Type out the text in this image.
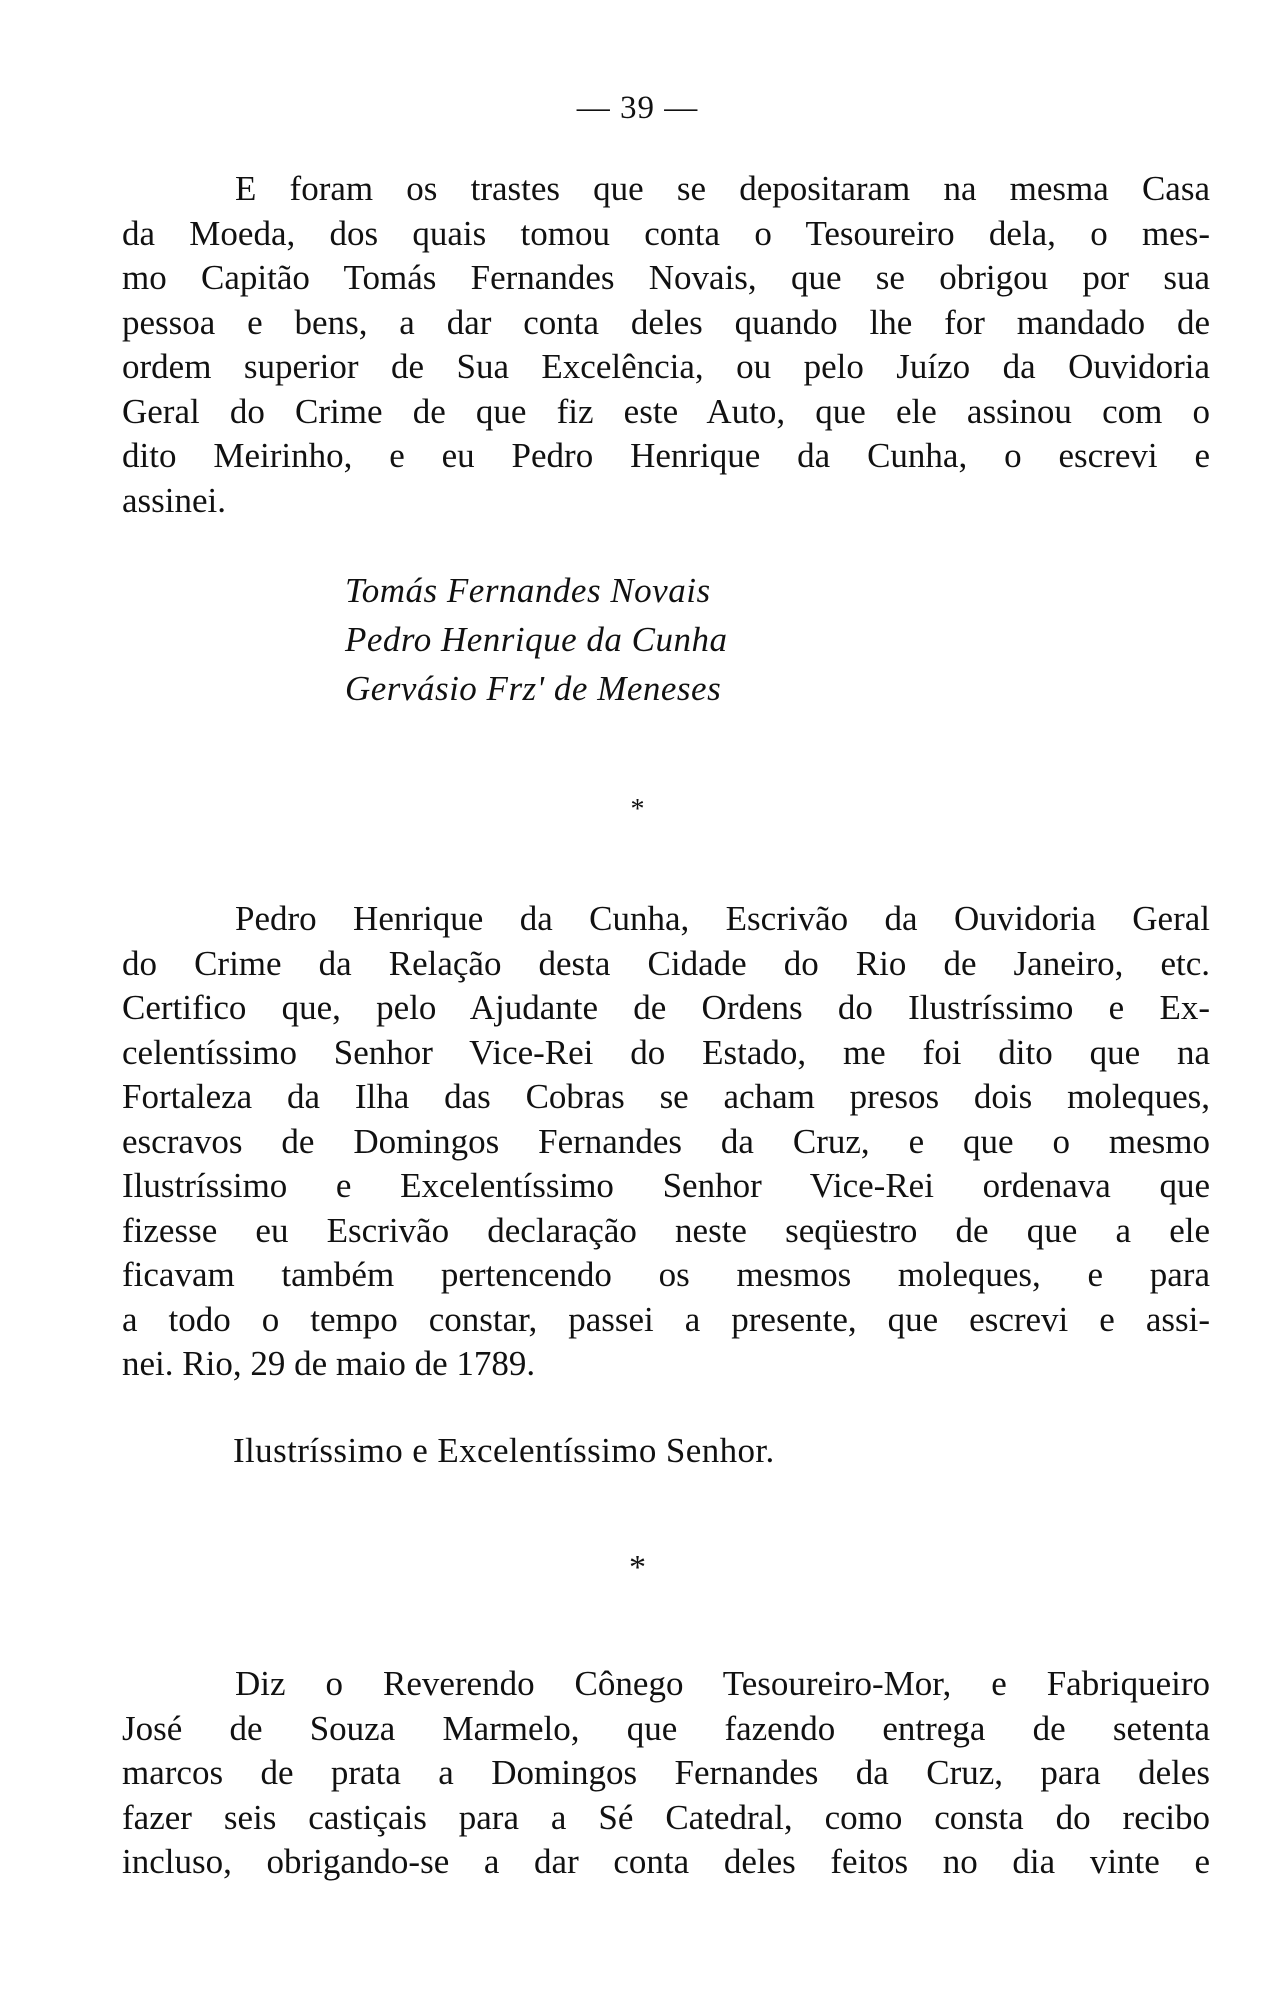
— 39 —
E foram os trastes que se depositaram na mesma Casa
da Moeda, dos quais tomou conta o Tesoureiro dela, o mes-
mo Capitão Tomás Fernandes Novais, que se obrigou por sua
pessoa e bens, a dar conta deles quando lhe for mandado de
ordem superior de Sua Excelência, ou pelo Juízo da Ouvidoria
Geral do Crime de que fiz este Auto, que ele assinou com o
dito Meirinho, e eu Pedro Henrique da Cunha, o escrevi e
assinei.
Tomás Fernandes Novais
Pedro Henrique da Cunha
Gervásio Frz' de Meneses
*
Pedro Henrique da Cunha, Escrivão da Ouvidoria Geral
do Crime da Relação desta Cidade do Rio de Janeiro, etc.
Certifico que, pelo Ajudante de Ordens do Ilustríssimo e Ex-
celentíssimo Senhor Vice-Rei do Estado, me foi dito que na
Fortaleza da Ilha das Cobras se acham presos dois moleques,
escravos de Domingos Fernandes da Cruz, e que o mesmo
Ilustríssimo e Excelentíssimo Senhor Vice-Rei ordenava que
fizesse eu Escrivão declaração neste seqüestro de que a ele
ficavam também pertencendo os mesmos moleques, e para
a todo o tempo constar, passei a presente, que escrevi e assi-
nei. Rio, 29 de maio de 1789.
Ilustríssimo e Excelentíssimo Senhor.
*
Diz o Reverendo Cônego Tesoureiro-Mor, e Fabriqueiro
José de Souza Marmelo, que fazendo entrega de setenta
marcos de prata a Domingos Fernandes da Cruz, para deles
fazer seis castiçais para a Sé Catedral, como consta do recibo
incluso, obrigando-se a dar conta deles feitos no dia vinte e
